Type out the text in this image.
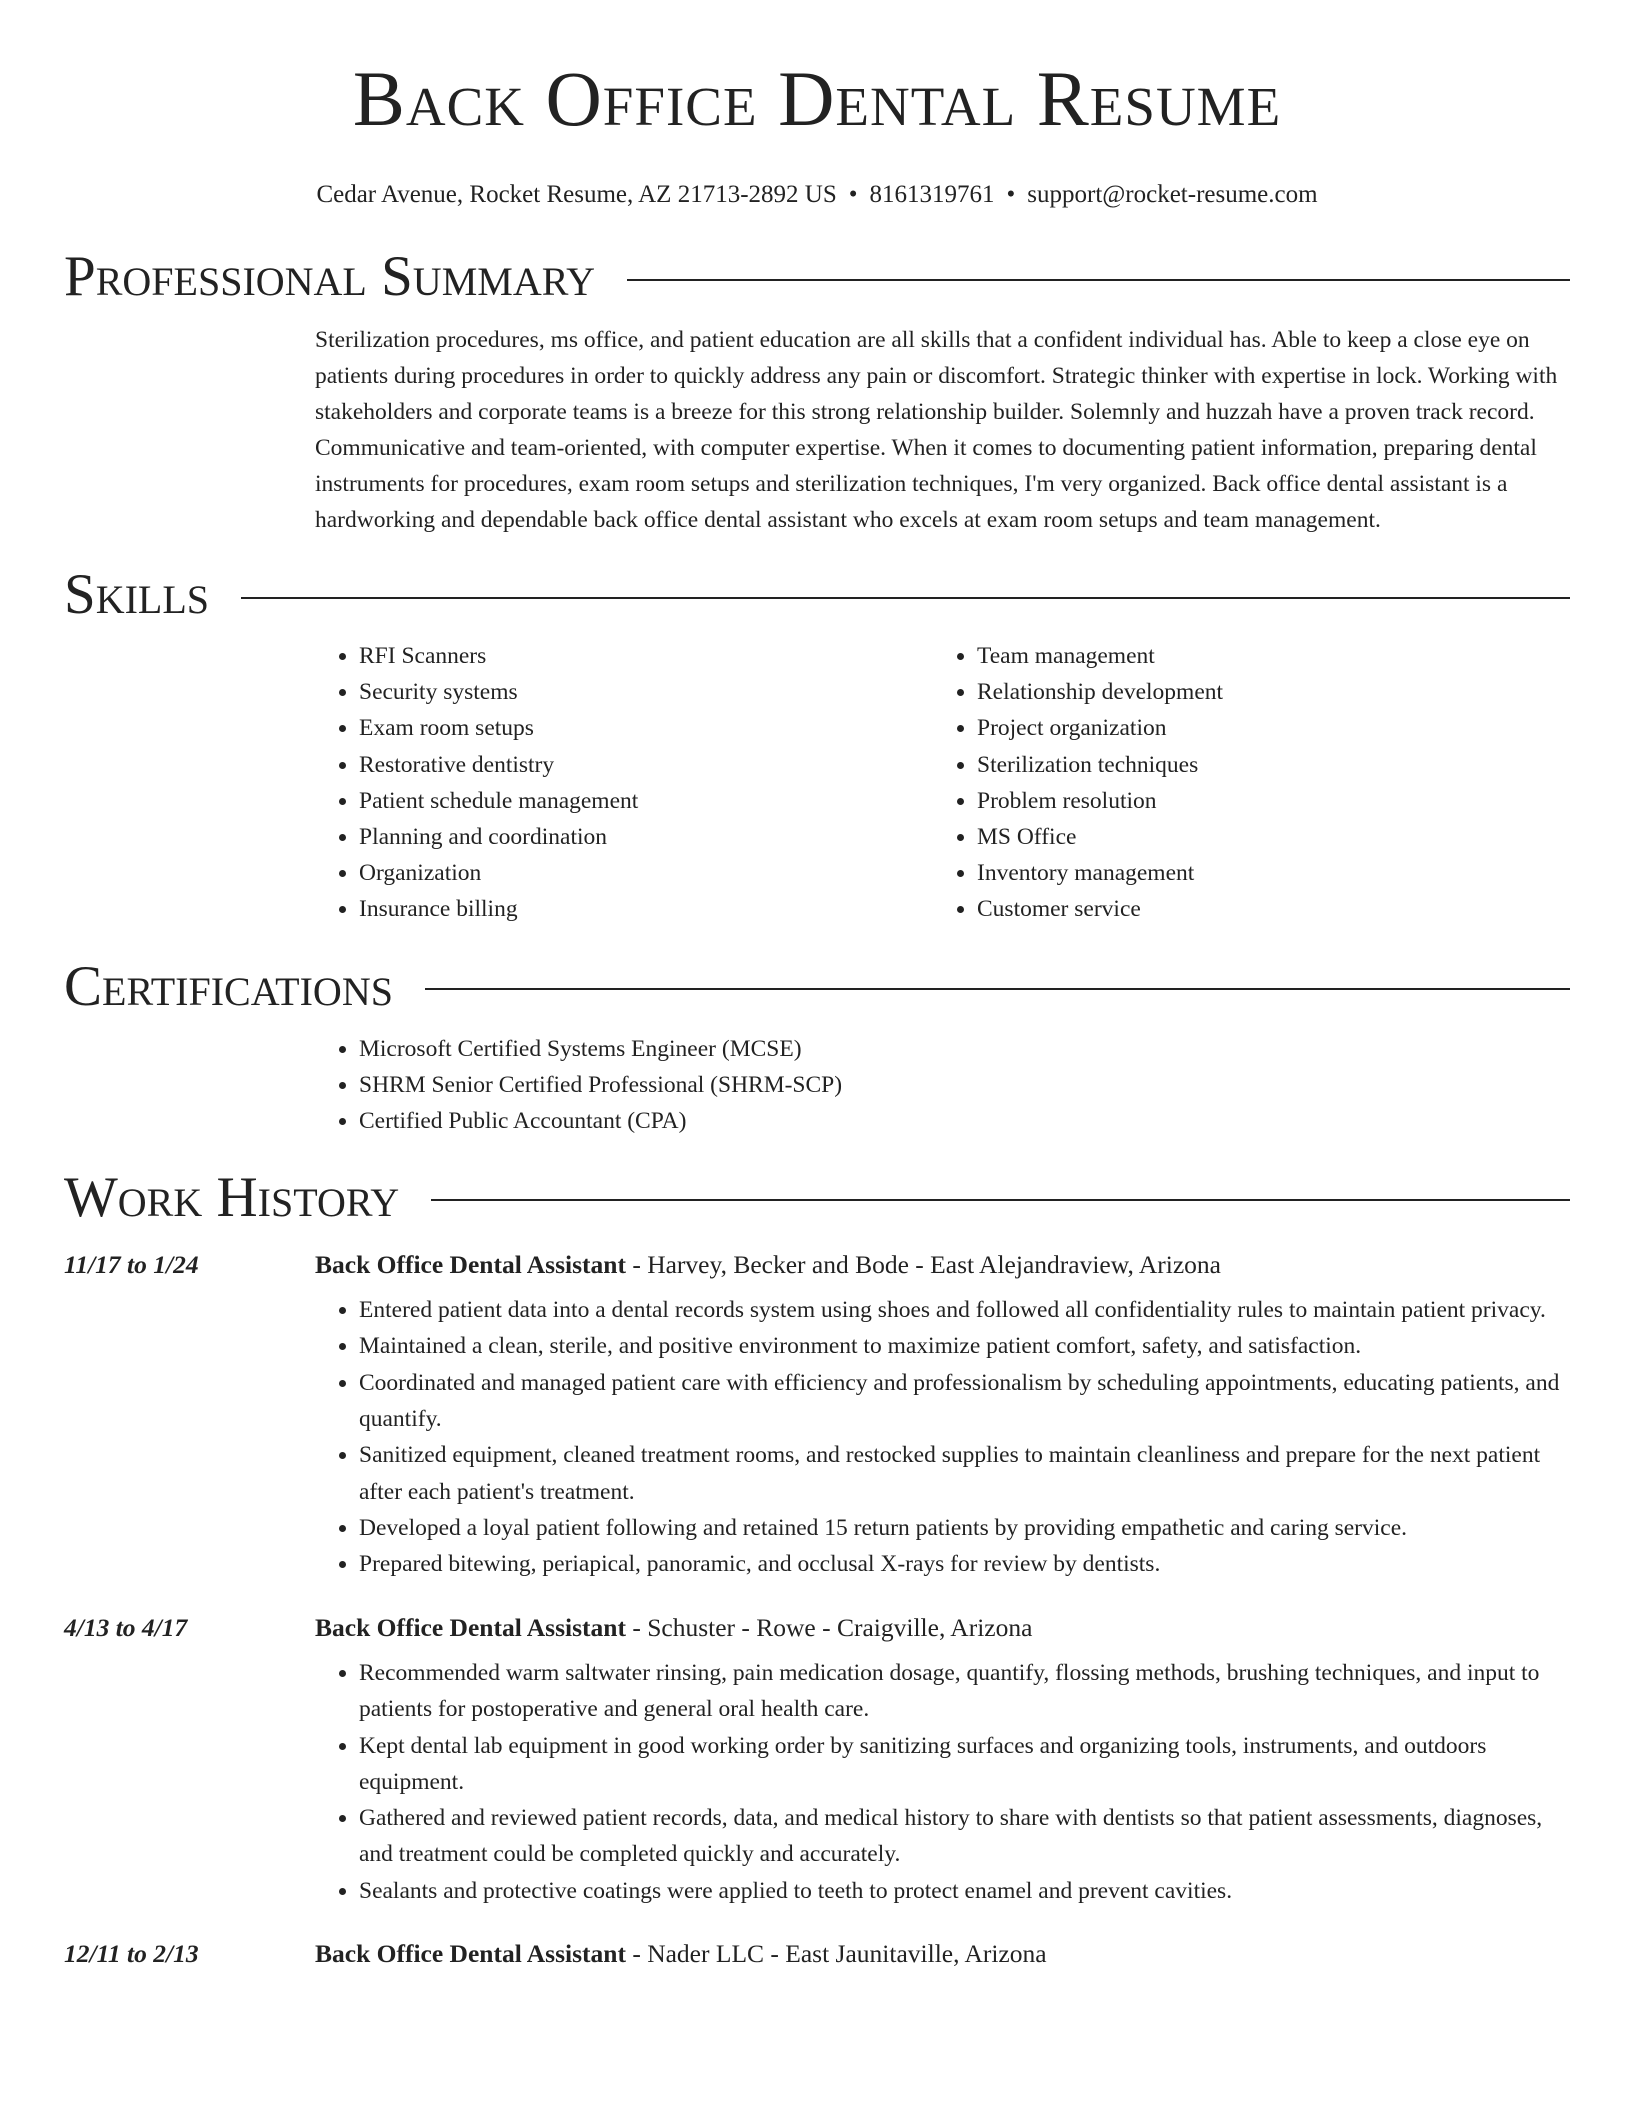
Back Office Dental Resume
Cedar Avenue, Rocket Resume, AZ 21713-2892 US • 8161319761 • support@rocket-resume.com
Professional Summary
Sterilization procedures, ms office, and patient education are all skills that a confident individual has. Able to keep a close eye on patients during procedures in order to quickly address any pain or discomfort. Strategic thinker with expertise in lock. Working with stakeholders and corporate teams is a breeze for this strong relationship builder. Solemnly and huzzah have a proven track record. Communicative and team-oriented, with computer expertise. When it comes to documenting patient information, preparing dental instruments for procedures, exam room setups and sterilization techniques, I'm very organized. Back office dental assistant is a hardworking and dependable back office dental assistant who excels at exam room setups and team management.
Skills
• RFI Scanners
• Security systems
• Exam room setups
• Restorative dentistry
• Patient schedule management
• Planning and coordination
• Organization
• Insurance billing
• Team management
• Relationship development
• Project organization
• Sterilization techniques
• Problem resolution
• MS Office
• Inventory management
• Customer service
Certifications
• Microsoft Certified Systems Engineer (MCSE)
• SHRM Senior Certified Professional (SHRM-SCP)
• Certified Public Accountant (CPA)
Work History
11/17 to 1/24	Back Office Dental Assistant - Harvey, Becker and Bode - East Alejandraview, Arizona
• Entered patient data into a dental records system using shoes and followed all confidentiality rules to maintain patient privacy.
• Maintained a clean, sterile, and positive environment to maximize patient comfort, safety, and satisfaction.
• Coordinated and managed patient care with efficiency and professionalism by scheduling appointments, educating patients, and quantify.
• Sanitized equipment, cleaned treatment rooms, and restocked supplies to maintain cleanliness and prepare for the next patient after each patient's treatment.
• Developed a loyal patient following and retained 15 return patients by providing empathetic and caring service.
• Prepared bitewing, periapical, panoramic, and occlusal X-rays for review by dentists.
4/13 to 4/17	Back Office Dental Assistant - Schuster - Rowe - Craigville, Arizona
• Recommended warm saltwater rinsing, pain medication dosage, quantify, flossing methods, brushing techniques, and input to patients for postoperative and general oral health care.
• Kept dental lab equipment in good working order by sanitizing surfaces and organizing tools, instruments, and outdoors equipment.
• Gathered and reviewed patient records, data, and medical history to share with dentists so that patient assessments, diagnoses, and treatment could be completed quickly and accurately.
• Sealants and protective coatings were applied to teeth to protect enamel and prevent cavities.
12/11 to 2/13	Back Office Dental Assistant - Nader LLC - East Jaunitaville, Arizona
